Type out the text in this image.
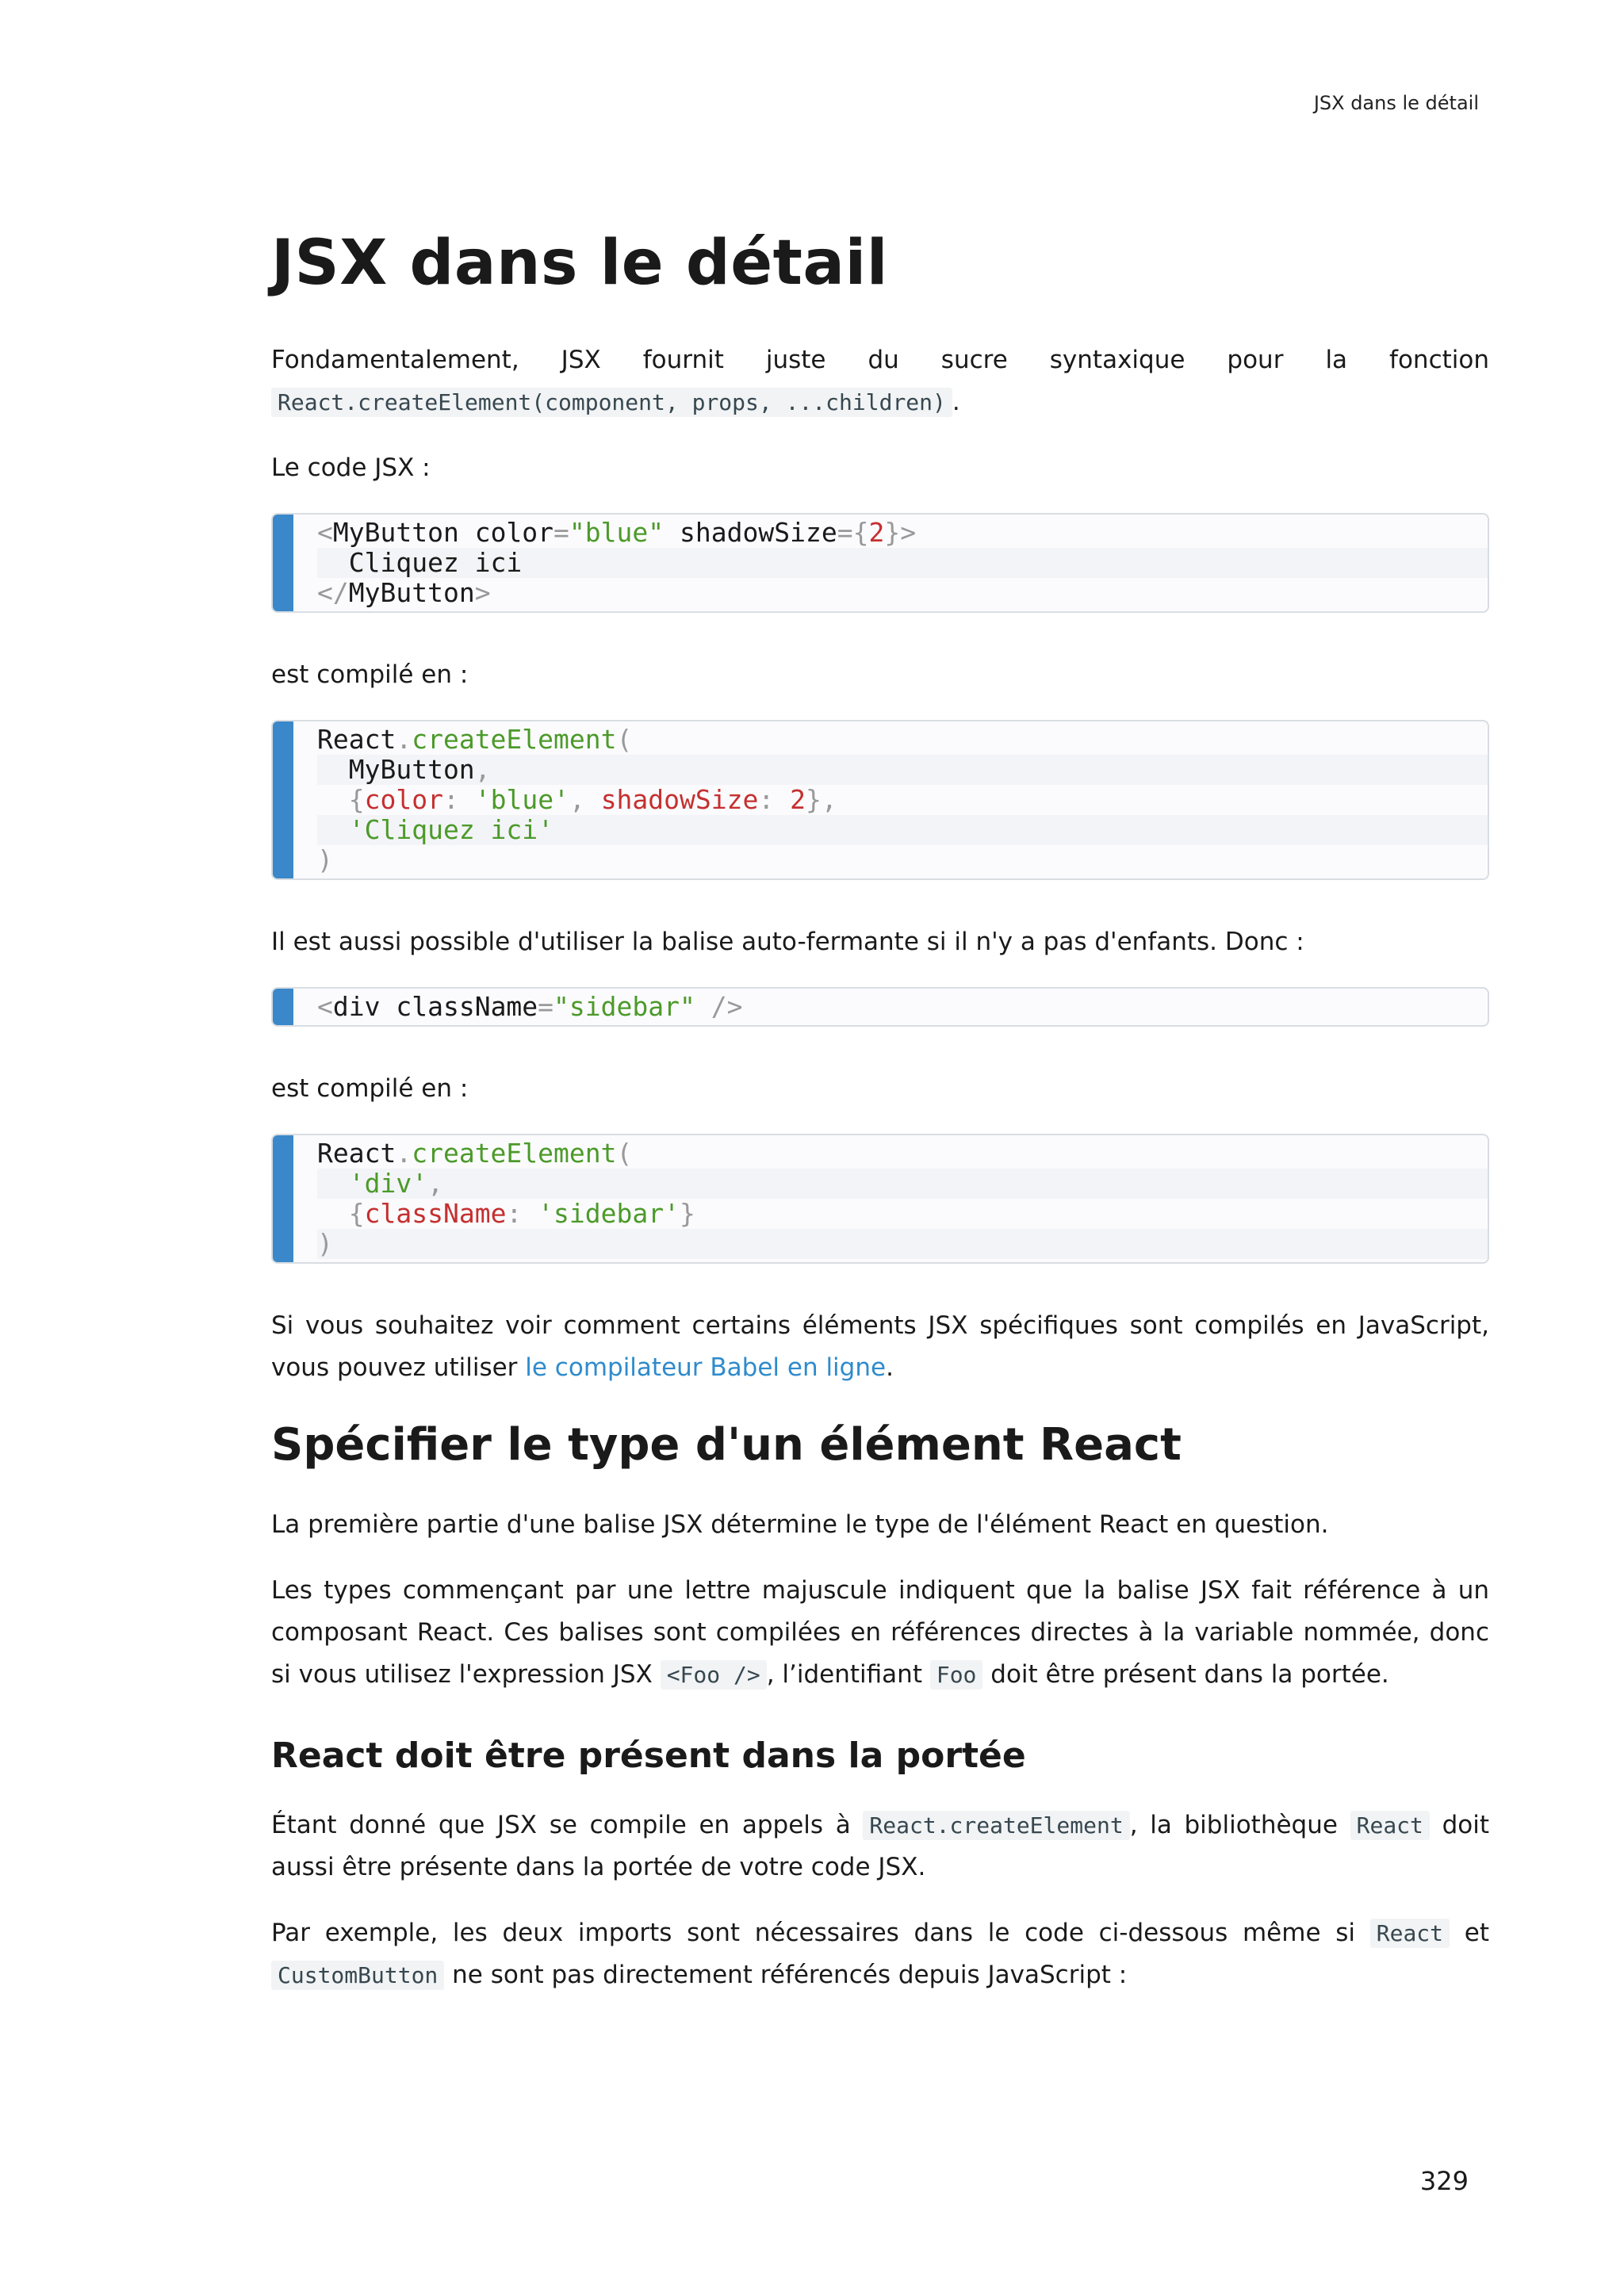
JSX dans le détail
JSX dans le détail

Fondamentalement, JSX fournit juste du sucre syntaxique pour la fonction React.createElement(component, props, ...children) .

Le code JSX :

<MyButton color="blue" shadowSize={2}>
Cliquez ici
</MyButton>

est compilé en :

React.createElement(
MyButton,
{color: 'blue', shadowSize: 2},
'Cliquez ici'
)

Il est aussi possible d'utiliser la balise auto-fermante si il n'y a pas d'enfants. Donc :

<div className="sidebar" />

est compilé en :

React.createElement(
'div',
{className: 'sidebar'}
)

Si vous souhaitez voir comment certains éléments JSX spécifiques sont compilés en JavaScript, vous pouvez utiliser le compilateur Babel en ligne.

Spécifier le type d'un élément React

La première partie d'une balise JSX détermine le type de l'élément React en question.

Les types commençant par une lettre majuscule indiquent que la balise JSX fait référence à un composant React. Ces balises sont compilées en références directes à la variable nommée, donc si vous utilisez l'expression JSX <Foo /> , l’identifiant Foo doit être présent dans la portée.

React doit être présent dans la portée

Étant donné que JSX se compile en appels à React.createElement , la bibliothèque React doit aussi être présente dans la portée de votre code JSX.

Par exemple, les deux imports sont nécessaires dans le code ci-dessous même si React et CustomButton ne sont pas directement référencés depuis JavaScript :

329
